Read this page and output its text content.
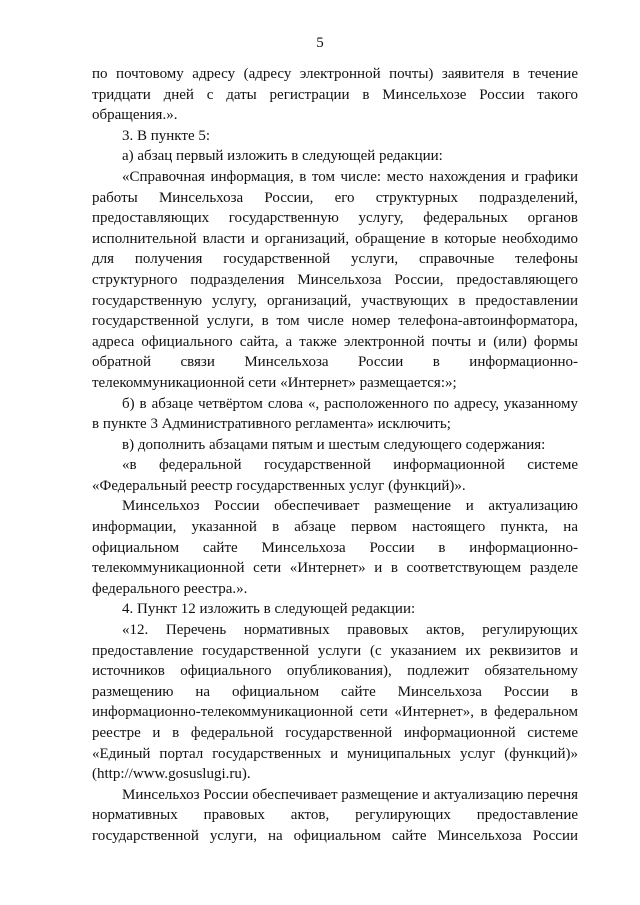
5

по почтовому адресу (адресу электронной почты) заявителя в течение тридцати дней с даты регистрации в Минсельхозе России такого обращения.».

3. В пункте 5:

а) абзац первый изложить в следующей редакции:

«Справочная информация, в том числе: место нахождения и графики работы Минсельхоза России, его структурных подразделений, предоставляющих государственную услугу, федеральных органов исполнительной власти и организаций, обращение в которые необходимо для получения государственной услуги, справочные телефоны структурного подразделения Минсельхоза России, предоставляющего государственную услугу, организаций, участвующих в предоставлении государственной услуги, в том числе номер телефона-автоинформатора, адреса официального сайта, а также электронной почты и (или) формы обратной связи Минсельхоза России в информационно-телекоммуникационной сети «Интернет» размещается:»;

б) в абзаце четвёртом слова «, расположенного по адресу, указанному в пункте 3 Административного регламента» исключить;

в) дополнить абзацами пятым и шестым следующего содержания:

«в федеральной государственной информационной системе «Федеральный реестр государственных услуг (функций)».

Минсельхоз России обеспечивает размещение и актуализацию информации, указанной в абзаце первом настоящего пункта, на официальном сайте Минсельхоза России в информационно-телекоммуникационной сети «Интернет» и в соответствующем разделе федерального реестра.».

4. Пункт 12 изложить в следующей редакции:

«12. Перечень нормативных правовых актов, регулирующих предоставление государственной услуги (с указанием их реквизитов и источников официального опубликования), подлежит обязательному размещению на официальном сайте Минсельхоза России в информационно-телекоммуникационной сети «Интернет», в федеральном реестре и в федеральной государственной информационной системе «Единый портал государственных и муниципальных услуг (функций)» (http://www.gosuslugi.ru).

Минсельхоз России обеспечивает размещение и актуализацию перечня нормативных правовых актов, регулирующих предоставление государственной услуги, на официальном сайте Минсельхоза России
